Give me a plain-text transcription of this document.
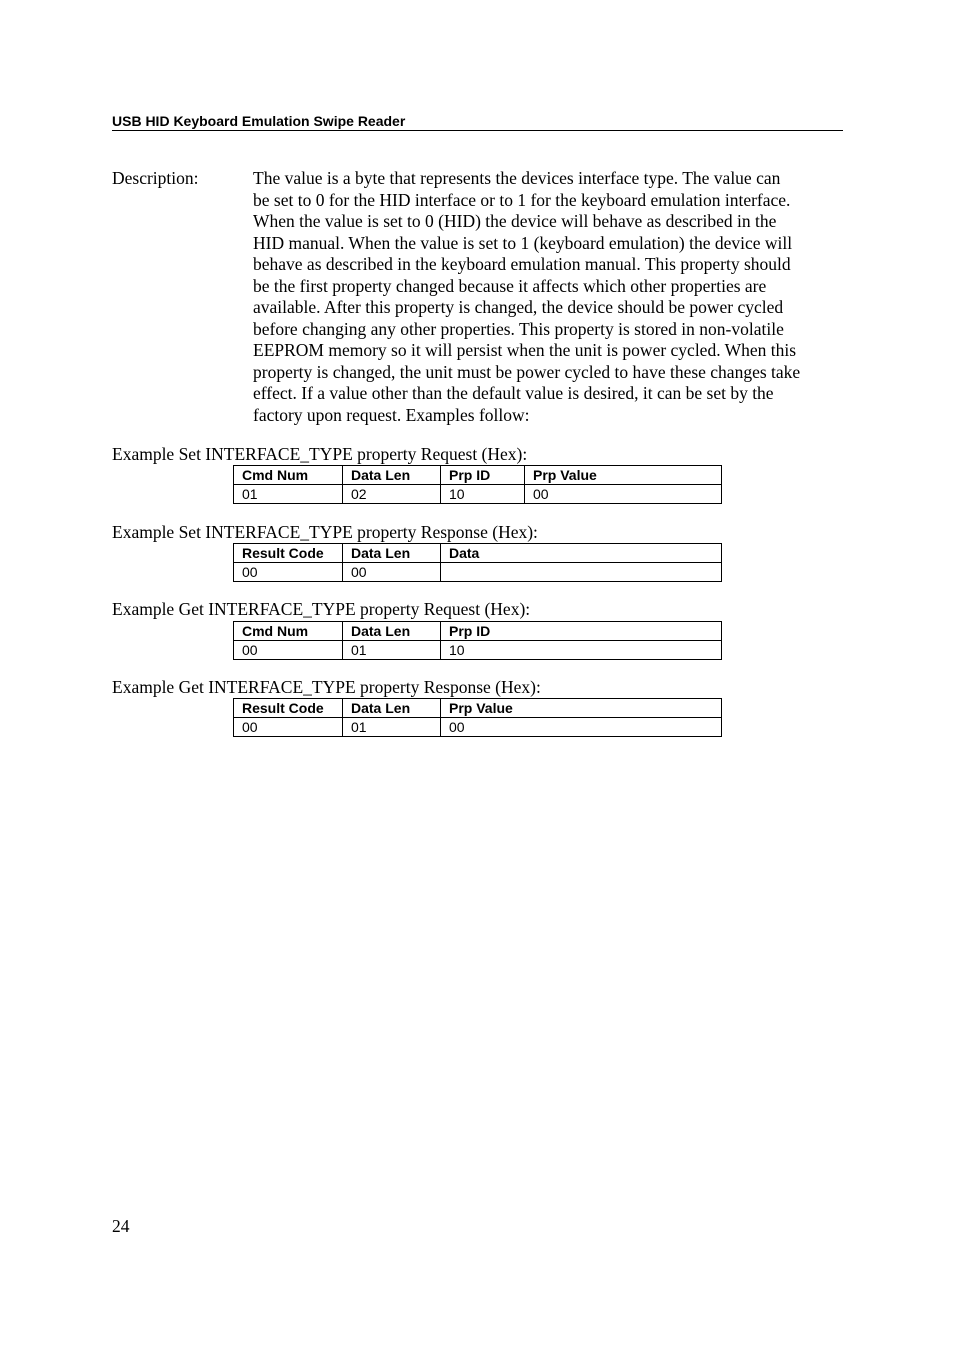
USB HID Keyboard Emulation Swipe Reader
Description:	The value is a byte that represents the devices interface type. The value can
be set to 0 for the HID interface or to 1 for the keyboard emulation interface.
When the value is set to 0 (HID) the device will behave as described in the
HID manual. When the value is set to 1 (keyboard emulation) the device will
behave as described in the keyboard emulation manual. This property should
be the first property changed because it affects which other properties are
available. After this property is changed, the device should be power cycled
before changing any other properties. This property is stored in non-volatile
EEPROM memory so it will persist when the unit is power cycled. When this
property is changed, the unit must be power cycled to have these changes take
effect. If a value other than the default value is desired, it can be set by the
factory upon request. Examples follow:
Example Set INTERFACE_TYPE property Request (Hex):
Cmd Num	Data Len	Prp ID	Prp Value
01	02	10	00
Example Set INTERFACE_TYPE property Response (Hex):
Result Code	Data Len	Data
00	00	
Example Get INTERFACE_TYPE property Request (Hex):
Cmd Num	Data Len	Prp ID
00	01	10
Example Get INTERFACE_TYPE property Response (Hex):
Result Code	Data Len	Prp Value
00	01	00
24
